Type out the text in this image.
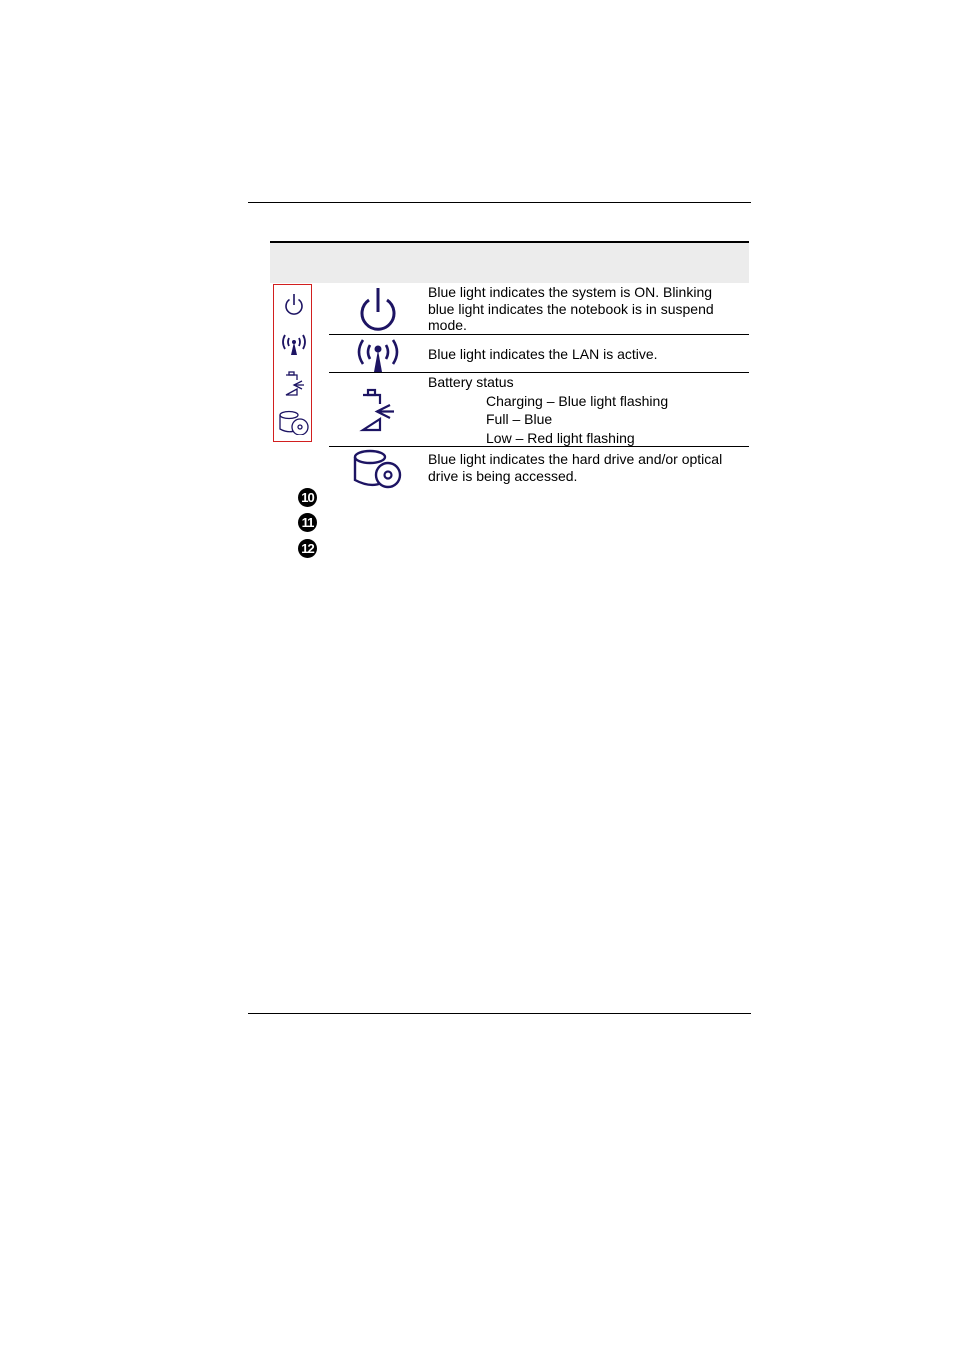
Blue light indicates the system is ON. Blinking blue light indicates the notebook is in suspend mode.
Blue light indicates the LAN is active.
Battery status
Charging – Blue light flashing
Full – Blue
Low – Red light flashing
Blue light indicates the hard drive and/or optical drive is being accessed.
10
11
12
